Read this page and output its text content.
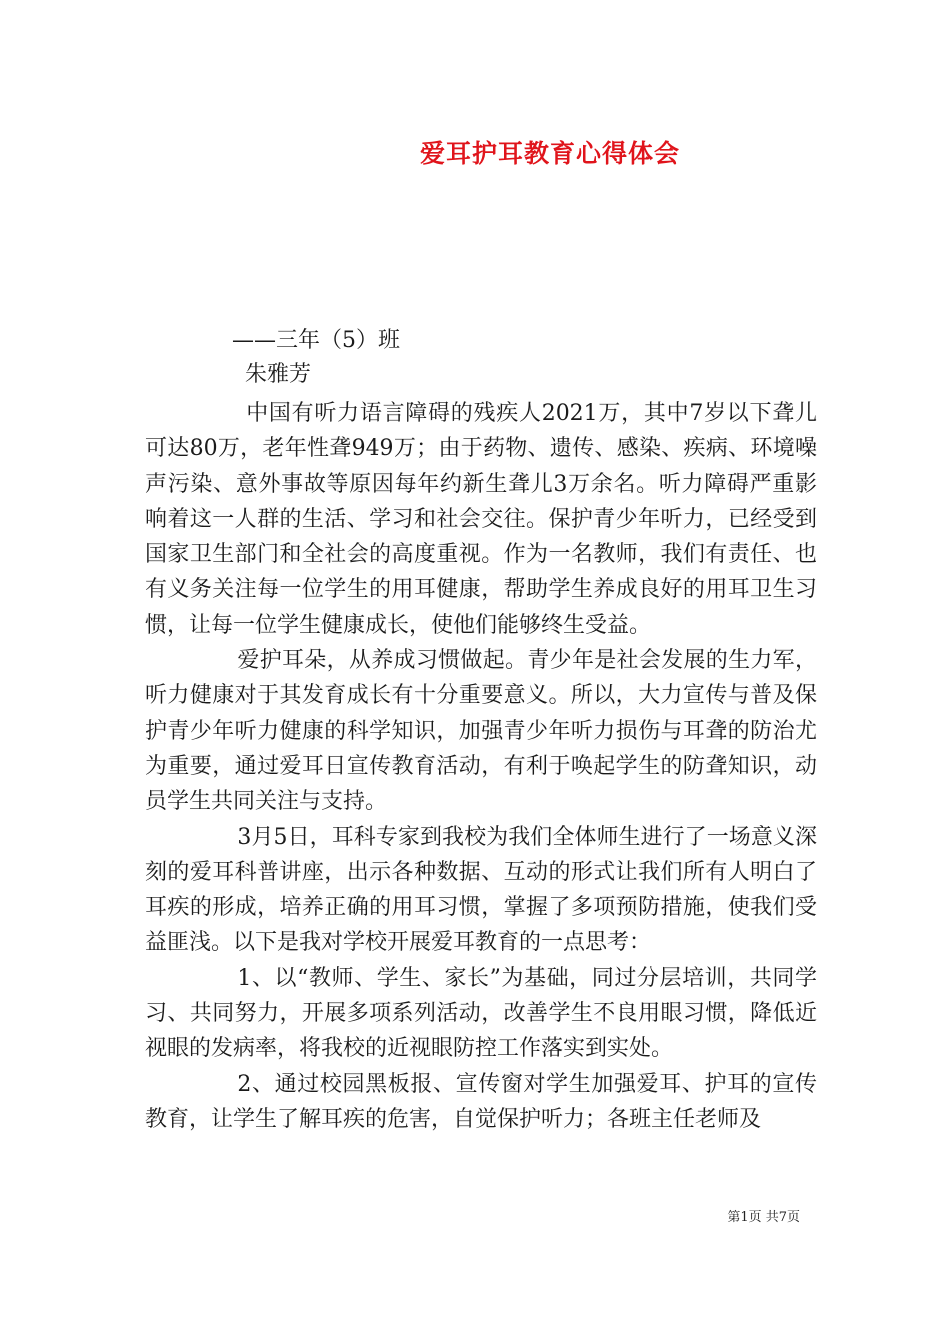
爱耳护耳教育心得体会
——三年（5）班
朱雅芳

中国有听力语言障碍的残疾人2021万，其中7岁以下聋儿可达80万，老年性聋949万；由于药物、遗传、感染、疾病、环境噪声污染、意外事故等原因每年约新生聋儿3万余名。听力障碍严重影响着这一人群的生活、学习和社会交往。保护青少年听力，已经受到国家卫生部门和全社会的高度重视。作为一名教师，我们有责任、也有义务关注每一位学生的用耳健康，帮助学生养成良好的用耳卫生习惯，让每一位学生健康成长，使他们能够终生受益。

爱护耳朵，从养成习惯做起。青少年是社会发展的生力军，听力健康对于其发育成长有十分重要意义。所以，大力宣传与普及保护青少年听力健康的科学知识，加强青少年听力损伤与耳聋的防治尤为重要，通过爱耳日宣传教育活动，有利于唤起学生的防聋知识，动员学生共同关注与支持。

3月5日，耳科专家到我校为我们全体师生进行了一场意义深刻的爱耳科普讲座，出示各种数据、互动的形式让我们所有人明白了耳疾的形成，培养正确的用耳习惯，掌握了多项预防措施，使我们受益匪浅。以下是我对学校开展爱耳教育的一点思考：

1、以“教师、学生、家长”为基础，同过分层培训，共同学习、共同努力，开展多项系列活动，改善学生不良用眼习惯，降低近视眼的发病率，将我校的近视眼防控工作落实到实处。

2、通过校园黑板报、宣传窗对学生加强爱耳、护耳的宣传教育，让学生了解耳疾的危害，自觉保护听力；各班主任老师及

第1页 共7页
